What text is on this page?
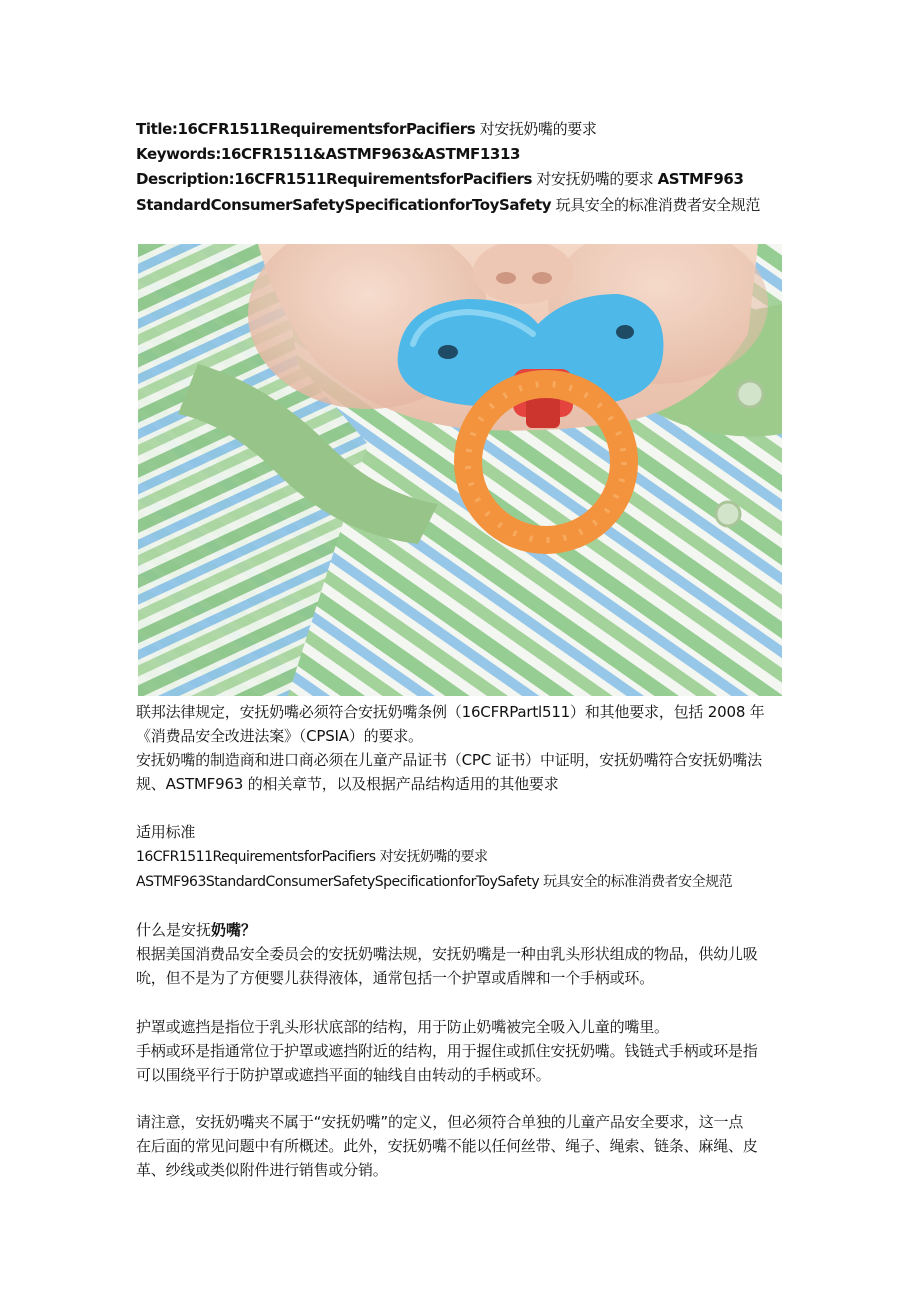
Title:16CFR1511RequirementsforPacifiers 对安抚奶嘴的要求
Keywords:16CFR1511&ASTMF963&ASTMF1313
Description:16CFR1511RequirementsforPacifiers 对安抚奶嘴的要求 ASTMF963
StandardConsumerSafetySpecificationforToySafety 玩具安全的标准消费者安全规范
联邦法律规定，安抚奶嘴必须符合安抚奶嘴条例（16CFRPartl511）和其他要求，包括 2008 年
《消费品安全改进法案》（CPSIA）的要求。
安抚奶嘴的制造商和进口商必须在儿童产品证书（CPC 证书）中证明，安抚奶嘴符合安抚奶嘴法
规、ASTMF963 的相关章节，以及根据产品结构适用的其他要求
适用标准
16CFR1511RequirementsforPacifiers 对安抚奶嘴的要求
ASTMF963StandardConsumerSafetySpecificationforToySafety 玩具安全的标准消费者安全规范
什么是安抚奶嘴？
根据美国消费品安全委员会的安抚奶嘴法规，安抚奶嘴是一种由乳头形状组成的物品，供幼儿吸
吮，但不是为了方便婴儿获得液体，通常包括一个护罩或盾牌和一个手柄或环。
护罩或遮挡是指位于乳头形状底部的结构，用于防止奶嘴被完全吸入儿童的嘴里。
手柄或环是指通常位于护罩或遮挡附近的结构，用于握住或抓住安抚奶嘴。钱链式手柄或环是指
可以围绕平行于防护罩或遮挡平面的轴线自由转动的手柄或环。
请注意，安抚奶嘴夹不属于“安抚奶嘴”的定义，但必须符合单独的儿童产品安全要求，这一点
在后面的常见问题中有所概述。此外，安抚奶嘴不能以任何丝带、绳子、绳索、链条、麻绳、皮
革、纱线或类似附件进行销售或分销。
